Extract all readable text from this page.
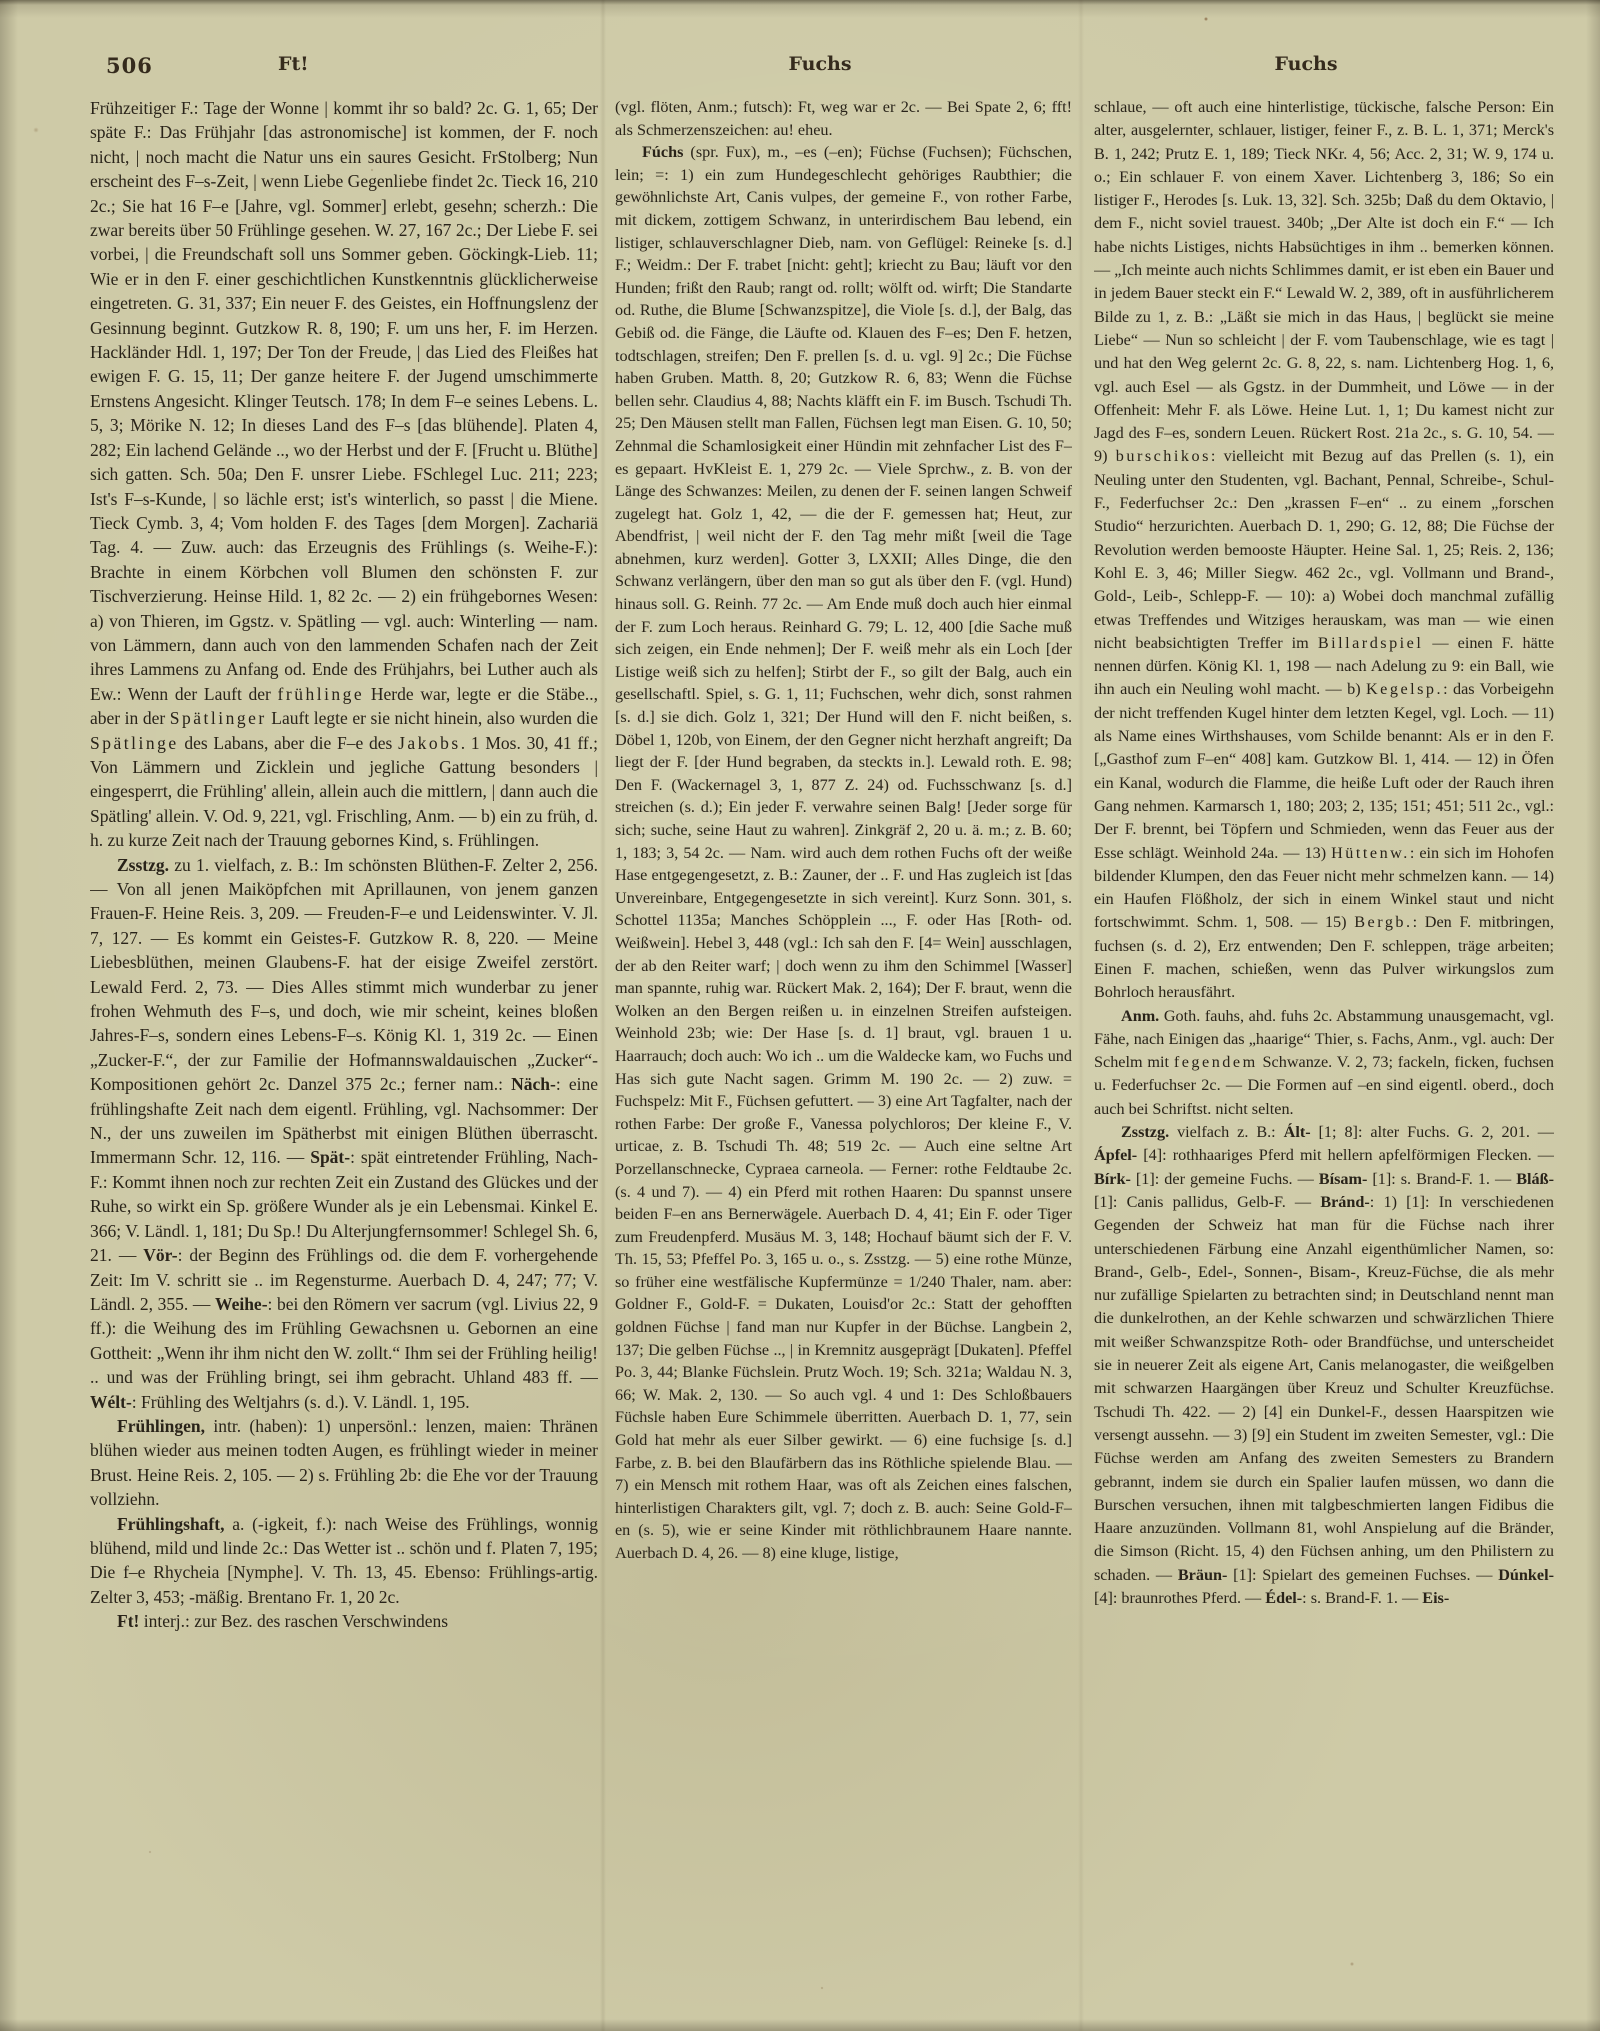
506	Ft!	Fuchs	Fuchs

Frühzeitiger F.: Tage der Wonne | kommt ihr so bald? 2c. G. 1, 65; Der späte F.: Das Frühjahr [das astronomische] ist kommen, der F. noch nicht, | noch macht die Natur uns ein saures Gesicht. FrStolberg; Nun erscheint des F–s-Zeit, | wenn Liebe Gegenliebe findet 2c. Tieck 16, 210 2c.; Sie hat 16 F–e [Jahre, vgl. Sommer] erlebt, gesehn; scherzh.: Die zwar bereits über 50 Frühlinge gesehen. W. 27, 167 2c.; Der Liebe F. sei vorbei, | die Freundschaft soll uns Sommer geben. Göckingk-Lieb. 11; Wie er in den F. einer geschichtlichen Kunstkenntnis glücklicherweise eingetreten. G. 31, 337; Ein neuer F. des Geistes, ein Hoffnungslenz der Gesinnung beginnt. Gutzkow R. 8, 190; F. um uns her, F. im Herzen. Hackländer Hdl. 1, 197; Der Ton der Freude, | das Lied des Fleißes hat ewigen F. G. 15, 11; Der ganze heitere F. der Jugend umschimmerte Ernstens Angesicht. Klinger Teutsch. 178; In dem F–e seines Lebens. L. 5, 3; Mörike N. 12; In dieses Land des F–s [das blühende]. Platen 4, 282; Ein lachend Gelände .., wo der Herbst und der F. [Frucht u. Blüthe] sich gatten. Sch. 50a; Den F. unsrer Liebe. FSchlegel Luc. 211; 223; Ist's F–s-Kunde, | so lächle erst; ist's winterlich, so passt | die Miene. Tieck Cymb. 3, 4; Vom holden F. des Tages [dem Morgen]. Zachariä Tag. 4. — Zuw. auch: das Erzeugnis des Frühlings (s. Weihe-F.): Brachte in einem Körbchen voll Blumen den schönsten F. zur Tischverzierung. Heinse Hild. 1, 82 2c. — 2) ein frühgebornes Wesen: a) von Thieren, im Ggstz. v. Spätling — vgl. auch: Winterling — nam. von Lämmern, dann auch von den lammenden Schafen nach der Zeit ihres Lammens zu Anfang od. Ende des Frühjahrs, bei Luther auch als Ew.: Wenn der Lauft der frühlinge Herde war, legte er die Stäbe.., aber in der Spätlinger Lauft legte er sie nicht hinein, also wurden die Spätlinge des Labans, aber die F–e des Jakobs. 1 Mos. 30, 41 ff.; Von Lämmern und Zicklein und jegliche Gattung besonders | eingesperrt, die Frühling' allein, allein auch die mittlern, | dann auch die Spätling' allein. V. Od. 9, 221, vgl. Frischling, Anm. — b) ein zu früh, d. h. zu kurze Zeit nach der Trauung gebornes Kind, s. Frühlingen.

Zsstzg. zu 1. vielfach, z. B.: Im schönsten Blüthen-F. Zelter 2, 256. — Von all jenen Maiköpfchen mit Aprillaunen, von jenem ganzen Frauen-F. Heine Reis. 3, 209. — Freuden-F–e und Leidenswinter. V. Jl. 7, 127. — Es kommt ein Geistes-F. Gutzkow R. 8, 220. — Meine Liebesblüthen, meinen Glaubens-F. hat der eisige Zweifel zerstört. Lewald Ferd. 2, 73. — Dies Alles stimmt mich wunderbar zu jener frohen Wehmuth des F–s, und doch, wie mir scheint, keines bloßen Jahres-F–s, sondern eines Lebens-F–s. König Kl. 1, 319 2c. — Einen „Zucker-F.“, der zur Familie der Hofmannswaldauischen „Zucker“-Kompositionen gehört 2c. Danzel 375 2c.; ferner nam.: Näch-: eine frühlingshafte Zeit nach dem eigentl. Frühling, vgl. Nachsommer: Der N., der uns zuweilen im Spätherbst mit einigen Blüthen überrascht. Immermann Schr. 12, 116. — Spät-: spät eintretender Frühling, Nach-F.: Kommt ihnen noch zur rechten Zeit ein Zustand des Glückes und der Ruhe, so wirkt ein Sp. größere Wunder als je ein Lebensmai. Kinkel E. 366; V. Ländl. 1, 181; Du Sp.! Du Alterjungfernsommer! Schlegel Sh. 6, 21. — Vör-: der Beginn des Frühlings od. die dem F. vorhergehende Zeit: Im V. schritt sie .. im Regensturme. Auerbach D. 4, 247; 77; V. Ländl. 2, 355. — Weihe-: bei den Römern ver sacrum (vgl. Livius 22, 9 ff.): die Weihung des im Frühling Gewachsnen u. Gebornen an eine Gottheit: „Wenn ihr ihm nicht den W. zollt.“ Ihm sei der Frühling heilig! .. und was der Frühling bringt, sei ihm gebracht. Uhland 483 ff. — Wélt-: Frühling des Weltjahrs (s. d.). V. Ländl. 1, 195.

Frühlingen, intr. (haben): 1) unpersönl.: lenzen, maien: Thränen blühen wieder aus meinen todten Augen, es frühlingt wieder in meiner Brust. Heine Reis. 2, 105. — 2) s. Frühling 2b: die Ehe vor der Trauung vollziehn.

Frühlingshaft, a. (-igkeit, f.): nach Weise des Frühlings, wonnig blühend, mild und linde 2c.: Das Wetter ist .. schön und f. Platen 7, 195; Die f–e Rhycheia [Nymphe]. V. Th. 13, 45. Ebenso: Frühlings-artig. Zelter 3, 453; -mäßig. Brentano Fr. 1, 20 2c.

Ft! interj.: zur Bez. des raschen Verschwindens

(vgl. flöten, Anm.; futsch): Ft, weg war er 2c. — Bei Spate 2, 6; fft! als Schmerzenszeichen: au! eheu.

Fúchs (spr. Fux), m., –es (–en); Füchse (Fuchsen); Füchschen, lein; =: 1) ein zum Hundegeschlecht gehöriges Raubthier; die gewöhnlichste Art, Canis vulpes, der gemeine F., von rother Farbe, mit dickem, zottigem Schwanz, in unterirdischem Bau lebend, ein listiger, schlauverschlagner Dieb, nam. von Geflügel: Reineke [s. d.] F.; Weidm.: Der F. trabet [nicht: geht]; kriecht zu Bau; läuft vor den Hunden; frißt den Raub; rangt od. rollt; wölft od. wirft; Die Standarte od. Ruthe, die Blume [Schwanzspitze], die Viole [s. d.], der Balg, das Gebiß od. die Fänge, die Läufte od. Klauen des F–es; Den F. hetzen, todtschlagen, streifen; Den F. prellen [s. d. u. vgl. 9] 2c.; Die Füchse haben Gruben. Matth. 8, 20; Gutzkow R. 6, 83; Wenn die Füchse bellen sehr. Claudius 4, 88; Nachts kläfft ein F. im Busch. Tschudi Th. 25; Den Mäusen stellt man Fallen, Füchsen legt man Eisen. G. 10, 50; Zehnmal die Schamlosigkeit einer Hündin mit zehnfacher List des F–es gepaart. HvKleist E. 1, 279 2c. — Viele Sprchw., z. B. von der Länge des Schwanzes: Meilen, zu denen der F. seinen langen Schweif zugelegt hat. Golz 1, 42, — die der F. gemessen hat; Heut, zur Abendfrist, | weil nicht der F. den Tag mehr mißt [weil die Tage abnehmen, kurz werden]. Gotter 3, LXXII; Alles Dinge, die den Schwanz verlängern, über den man so gut als über den F. (vgl. Hund) hinaus soll. G. Reinh. 77 2c. — Am Ende muß doch auch hier einmal der F. zum Loch heraus. Reinhard G. 79; L. 12, 400 [die Sache muß sich zeigen, ein Ende nehmen]; Der F. weiß mehr als ein Loch [der Listige weiß sich zu helfen]; Stirbt der F., so gilt der Balg, auch ein gesellschaftl. Spiel, s. G. 1, 11; Fuchschen, wehr dich, sonst rahmen [s. d.] sie dich. Golz 1, 321; Der Hund will den F. nicht beißen, s. Döbel 1, 120b, von Einem, der den Gegner nicht herzhaft angreift; Da liegt der F. [der Hund begraben, da steckts in.]. Lewald roth. E. 98; Den F. (Wackernagel 3, 1, 877 Z. 24) od. Fuchsschwanz [s. d.] streichen (s. d.); Ein jeder F. verwahre seinen Balg! [Jeder sorge für sich; suche, seine Haut zu wahren]. Zinkgräf 2, 20 u. ä. m.; z. B. 60; 1, 183; 3, 54 2c. — Nam. wird auch dem rothen Fuchs oft der weiße Hase entgegengesetzt, z. B.: Zauner, der .. F. und Has zugleich ist [das Unvereinbare, Entgegengesetzte in sich vereint]. Kurz Sonn. 301, s. Schottel 1135a; Manches Schöpplein ..., F. oder Has [Roth- od. Weißwein]. Hebel 3, 448 (vgl.: Ich sah den F. [4= Wein] ausschlagen, der ab den Reiter warf; | doch wenn zu ihm den Schimmel [Wasser] man spannte, ruhig war. Rückert Mak. 2, 164); Der F. braut, wenn die Wolken an den Bergen reißen u. in einzelnen Streifen aufsteigen. Weinhold 23b; wie: Der Hase [s. d. 1] braut, vgl. brauen 1 u. Haarrauch; doch auch: Wo ich .. um die Waldecke kam, wo Fuchs und Has sich gute Nacht sagen. Grimm M. 190 2c. — 2) zuw. = Fuchspelz: Mit F., Füchsen gefuttert. — 3) eine Art Tagfalter, nach der rothen Farbe: Der große F., Vanessa polychloros; Der kleine F., V. urticae, z. B. Tschudi Th. 48; 519 2c. — Auch eine seltne Art Porzellanschnecke, Cypraea carneola. — Ferner: rothe Feldtaube 2c. (s. 4 und 7). — 4) ein Pferd mit rothen Haaren: Du spannst unsere beiden F–en ans Bernerwägele. Auerbach D. 4, 41; Ein F. oder Tiger zum Freudenpferd. Musäus M. 3, 148; Hochauf bäumt sich der F. V. Th. 15, 53; Pfeffel Po. 3, 165 u. o., s. Zsstzg. — 5) eine rothe Münze, so früher eine westfälische Kupfermünze = 1/240 Thaler, nam. aber: Goldner F., Gold-F. = Dukaten, Louisd'or 2c.: Statt der gehofften goldnen Füchse | fand man nur Kupfer in der Büchse. Langbein 2, 137; Die gelben Füchse .., | in Kremnitz ausgeprägt [Dukaten]. Pfeffel Po. 3, 44; Blanke Füchslein. Prutz Woch. 19; Sch. 321a; Waldau N. 3, 66; W. Mak. 2, 130. — So auch vgl. 4 und 1: Des Schloßbauers Füchsle haben Eure Schimmele überritten. Auerbach D. 1, 77, sein Gold hat mehr als euer Silber gewirkt. — 6) eine fuchsige [s. d.] Farbe, z. B. bei den Blaufärbern das ins Röthliche spielende Blau. — 7) ein Mensch mit rothem Haar, was oft als Zeichen eines falschen, hinterlistigen Charakters gilt, vgl. 7; doch z. B. auch: Seine Gold-F–en (s. 5), wie er seine Kinder mit röthlichbraunem Haare nannte. Auerbach D. 4, 26. — 8) eine kluge, listige,

schlaue, — oft auch eine hinterlistige, tückische, falsche Person: Ein alter, ausgelernter, schlauer, listiger, feiner F., z. B. L. 1, 371; Merck's B. 1, 242; Prutz E. 1, 189; Tieck NKr. 4, 56; Acc. 2, 31; W. 9, 174 u. o.; Ein schlauer F. von einem Xaver. Lichtenberg 3, 186; So ein listiger F., Herodes [s. Luk. 13, 32]. Sch. 325b; Daß du dem Oktavio, | dem F., nicht soviel trauest. 340b; „Der Alte ist doch ein F.“ — Ich habe nichts Listiges, nichts Habsüchtiges in ihm .. bemerken können. — „Ich meinte auch nichts Schlimmes damit, er ist eben ein Bauer und in jedem Bauer steckt ein F.“ Lewald W. 2, 389, oft in ausführlicherem Bilde zu 1, z. B.: „Läßt sie mich in das Haus, | beglückt sie meine Liebe“ — Nun so schleicht | der F. vom Taubenschlage, wie es tagt | und hat den Weg gelernt 2c. G. 8, 22, s. nam. Lichtenberg Hog. 1, 6, vgl. auch Esel — als Ggstz. in der Dummheit, und Löwe — in der Offenheit: Mehr F. als Löwe. Heine Lut. 1, 1; Du kamest nicht zur Jagd des F–es, sondern Leuen. Rückert Rost. 21a 2c., s. G. 10, 54. — 9) burschikos: vielleicht mit Bezug auf das Prellen (s. 1), ein Neuling unter den Studenten, vgl. Bachant, Pennal, Schreibe-, Schul-F., Federfuchser 2c.: Den „krassen F–en“ .. zu einem „forschen Studio“ herzurichten. Auerbach D. 1, 290; G. 12, 88; Die Füchse der Revolution werden bemooste Häupter. Heine Sal. 1, 25; Reis. 2, 136; Kohl E. 3, 46; Miller Siegw. 462 2c., vgl. Vollmann und Brand-, Gold-, Leib-, Schlepp-F. — 10): a) Wobei doch manchmal zufällig etwas Treffendes und Witziges herauskam, was man — wie einen nicht beabsichtigten Treffer im Billardspiel — einen F. hätte nennen dürfen. König Kl. 1, 198 — nach Adelung zu 9: ein Ball, wie ihn auch ein Neuling wohl macht. — b) Kegelsp.: das Vorbeigehn der nicht treffenden Kugel hinter dem letzten Kegel, vgl. Loch. — 11) als Name eines Wirthshauses, vom Schilde benannt: Als er in den F. [„Gasthof zum F–en“ 408] kam. Gutzkow Bl. 1, 414. — 12) in Öfen ein Kanal, wodurch die Flamme, die heiße Luft oder der Rauch ihren Gang nehmen. Karmarsch 1, 180; 203; 2, 135; 151; 451; 511 2c., vgl.: Der F. brennt, bei Töpfern und Schmieden, wenn das Feuer aus der Esse schlägt. Weinhold 24a. — 13) Hüttenw.: ein sich im Hohofen bildender Klumpen, den das Feuer nicht mehr schmelzen kann. — 14) ein Haufen Flößholz, der sich in einem Winkel staut und nicht fortschwimmt. Schm. 1, 508. — 15) Bergb.: Den F. mitbringen, fuchsen (s. d. 2), Erz entwenden; Den F. schleppen, träge arbeiten; Einen F. machen, schießen, wenn das Pulver wirkungslos zum Bohrloch herausfährt.

Anm. Goth. fauhs, ahd. fuhs 2c. Abstammung unausgemacht, vgl. Fähe, nach Einigen das „haarige“ Thier, s. Fachs, Anm., vgl. auch: Der Schelm mit fegendem Schwanze. V. 2, 73; fackeln, ficken, fuchsen u. Federfuchser 2c. — Die Formen auf –en sind eigentl. oberd., doch auch bei Schriftst. nicht selten.

Zsstzg. vielfach z. B.: Ált- [1; 8]: alter Fuchs. G. 2, 201. — Ápfel- [4]: rothhaariges Pferd mit hellern apfelförmigen Flecken. — Bírk- [1]: der gemeine Fuchs. — Bísam- [1]: s. Brand-F. 1. — Bláß- [1]: Canis pallidus, Gelb-F. — Bránd-: 1) [1]: In verschiedenen Gegenden der Schweiz hat man für die Füchse nach ihrer unterschiedenen Färbung eine Anzahl eigenthümlicher Namen, so: Brand-, Gelb-, Edel-, Sonnen-, Bisam-, Kreuz-Füchse, die als mehr nur zufällige Spielarten zu betrachten sind; in Deutschland nennt man die dunkelrothen, an der Kehle schwarzen und schwärzlichen Thiere mit weißer Schwanzspitze Roth- oder Brandfüchse, und unterscheidet sie in neuerer Zeit als eigene Art, Canis melanogaster, die weißgelben mit schwarzen Haargängen über Kreuz und Schulter Kreuzfüchse. Tschudi Th. 422. — 2) [4] ein Dunkel-F., dessen Haarspitzen wie versengt aussehn. — 3) [9] ein Student im zweiten Semester, vgl.: Die Füchse werden am Anfang des zweiten Semesters zu Brandern gebrannt, indem sie durch ein Spalier laufen müssen, wo dann die Burschen versuchen, ihnen mit talgbeschmierten langen Fidibus die Haare anzuzünden. Vollmann 81, wohl Anspielung auf die Bränder, die Simson (Richt. 15, 4) den Füchsen anhing, um den Philistern zu schaden. — Bräun- [1]: Spielart des gemeinen Fuchses. — Dúnkel- [4]: braunrothes Pferd. — Édel-: s. Brand-F. 1. — Eis-
